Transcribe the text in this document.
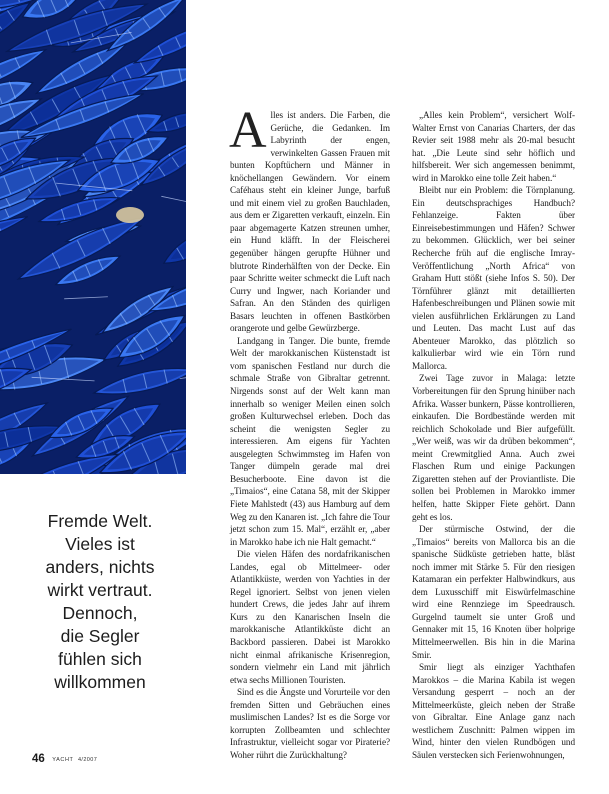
Fremde Welt.
Vieles ist
anders, nichts
wirkt vertraut.
Dennoch,
die Segler
fühlen sich
willkommen

Alles ist anders. Die Farben, die Gerüche, die Gedanken. Im Labyrinth der engen, verwinkelten Gassen Frauen mit bunten Kopftüchern und Männer in knöchellangen Gewändern. Vor einem Caféhaus steht ein kleiner Junge, barfuß und mit einem viel zu großen Bauchladen, aus dem er Zigaretten verkauft, einzeln. Ein paar abgemagerte Katzen streunen umher, ein Hund kläfft. In der Fleischerei gegenüber hängen gerupfte Hühner und blutrote Rinderhälften von der Decke. Ein paar Schritte weiter schmeckt die Luft nach Curry und Ingwer, nach Koriander und Safran. An den Ständen des quirligen Basars leuchten in offenen Bastkörben orangerote und gelbe Gewürzberge.

Landgang in Tanger. Die bunte, fremde Welt der marokkanischen Küstenstadt ist vom spanischen Festland nur durch die schmale Straße von Gibraltar getrennt. Nirgends sonst auf der Welt kann man innerhalb so weniger Meilen einen solch großen Kulturwechsel erleben. Doch das scheint die wenigsten Segler zu interessieren. Am eigens für Yachten ausgelegten Schwimmsteg im Hafen von Tanger dümpeln gerade mal drei Besucherboote. Eine davon ist die „Timaios“, eine Catana 58, mit der Skipper Fiete Mahlstedt (43) aus Hamburg auf dem Weg zu den Kanaren ist. „Ich fahre die Tour jetzt schon zum 15. Mal“, erzählt er, „aber in Marokko habe ich nie Halt gemacht.“

Die vielen Häfen des nordafrikanischen Landes, egal ob Mittelmeer- oder Atlantikküste, werden von Yachties in der Regel ignoriert. Selbst von jenen vielen hundert Crews, die jedes Jahr auf ihrem Kurs zu den Kanarischen Inseln die marokkanische Atlantikküste dicht an Backbord passieren. Dabei ist Marokko nicht einmal afrikanische Krisenregion, sondern vielmehr ein Land mit jährlich etwa sechs Millionen Touristen.

Sind es die Ängste und Vorurteile vor den fremden Sitten und Gebräuchen eines muslimischen Landes? Ist es die Sorge vor korrupten Zollbeamten und schlechter Infrastruktur, vielleicht sogar vor Piraterie? Woher rührt die Zurückhaltung?

„Alles kein Problem“, versichert Wolf-Walter Ernst von Canarias Charters, der das Revier seit 1988 mehr als 20-mal besucht hat. „Die Leute sind sehr höflich und hilfsbereit. Wer sich angemessen benimmt, wird in Marokko eine tolle Zeit haben.“

Bleibt nur ein Problem: die Törnplanung. Ein deutschsprachiges Handbuch? Fehlanzeige. Fakten über Einreisebestimmungen und Häfen? Schwer zu bekommen. Glücklich, wer bei seiner Recherche früh auf die englische Imray-Veröffentlichung „North Africa“ von Graham Hutt stößt (siehe Infos S. 50). Der Törnführer glänzt mit detaillierten Hafenbeschreibungen und Plänen sowie mit vielen ausführlichen Erklärungen zu Land und Leuten. Das macht Lust auf das Abenteuer Marokko, das plötzlich so kalkulierbar wird wie ein Törn rund Mallorca.

Zwei Tage zuvor in Malaga: letzte Vorbereitungen für den Sprung hinüber nach Afrika. Wasser bunkern, Pässe kontrollieren, einkaufen. Die Bordbestände werden mit reichlich Schokolade und Bier aufgefüllt. „Wer weiß, was wir da drüben bekommen“, meint Crewmitglied Anna. Auch zwei Flaschen Rum und einige Packungen Zigaretten stehen auf der Proviantliste. Die sollen bei Problemen in Marokko immer helfen, hatte Skipper Fiete gehört. Dann geht es los.

Der stürmische Ostwind, der die „Timaios“ bereits von Mallorca bis an die spanische Südküste getrieben hatte, bläst noch immer mit Stärke 5. Für den riesigen Katamaran ein perfekter Halbwindkurs, aus dem Luxusschiff mit Eiswürfelmaschine wird eine Rennziege im Speedrausch. Gurgelnd taumelt sie unter Groß und Gennaker mit 15, 16 Knoten über holprige Mittelmeerwellen. Bis hin in die Marina Smir.

Smir liegt als einziger Yachthafen Marokkos – die Marina Kabila ist wegen Versandung gesperrt – noch an der Mittelmeerküste, gleich neben der Straße von Gibraltar. Eine Anlage ganz nach westlichem Zuschnitt: Palmen wippen im Wind, hinter den vielen Rundbögen und Säulen verstecken sich Ferienwohnungen,

46 YACHT 4/2007
